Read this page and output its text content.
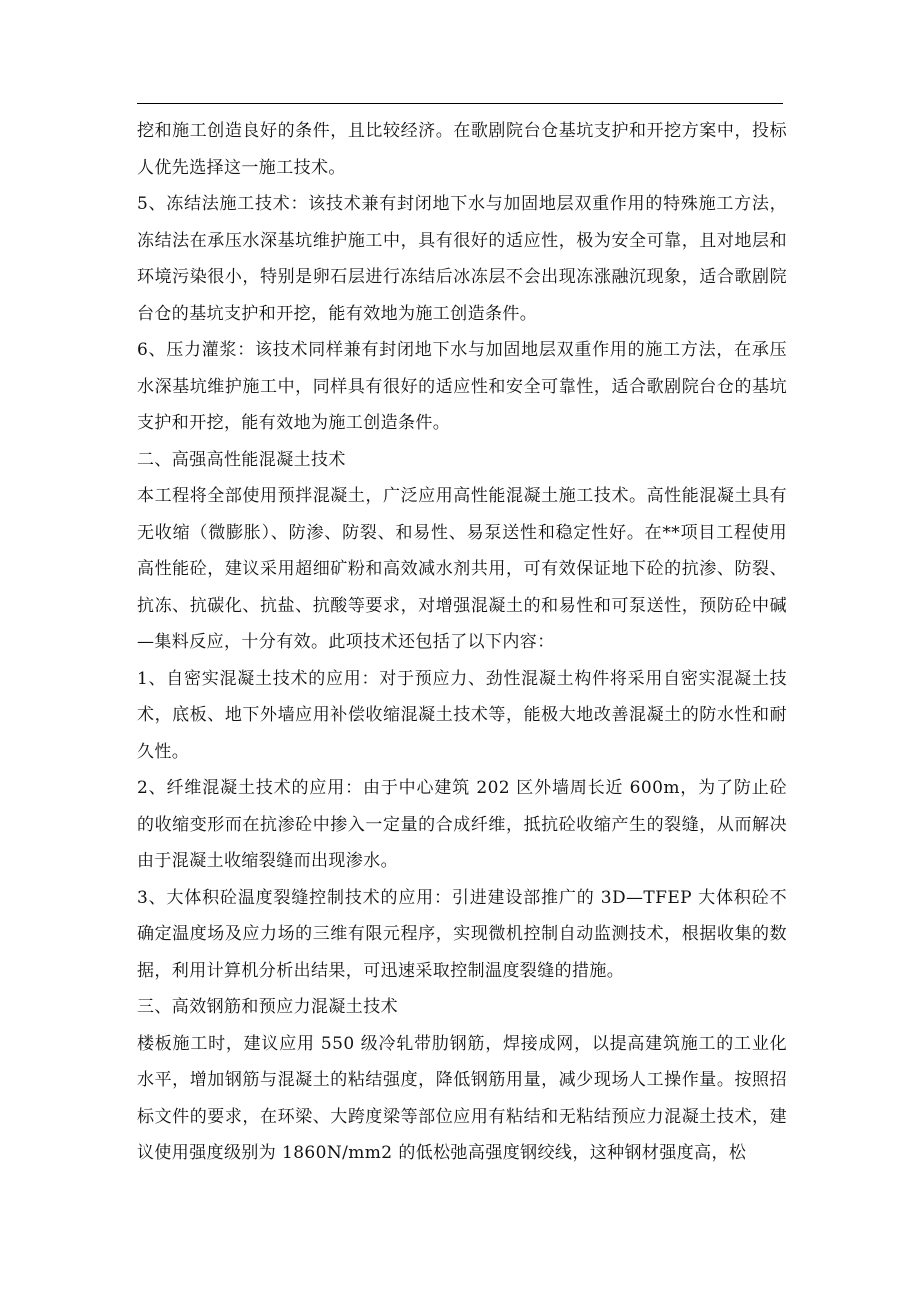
挖和施工创造良好的条件，且比较经济。在歌剧院台仓基坑支护和开挖方案中，投标人优先选择这一施工技术。

5、冻结法施工技术：该技术兼有封闭地下水与加固地层双重作用的特殊施工方法，冻结法在承压水深基坑维护施工中，具有很好的适应性，极为安全可靠，且对地层和环境污染很小，特别是卵石层进行冻结后冰冻层不会出现冻涨融沉现象，适合歌剧院台仓的基坑支护和开挖，能有效地为施工创造条件。

6、压力灌浆：该技术同样兼有封闭地下水与加固地层双重作用的施工方法，在承压水深基坑维护施工中，同样具有很好的适应性和安全可靠性，适合歌剧院台仓的基坑支护和开挖，能有效地为施工创造条件。

二、高强高性能混凝土技术

本工程将全部使用预拌混凝土，广泛应用高性能混凝土施工技术。高性能混凝土具有无收缩（微膨胀）、防渗、防裂、和易性、易泵送性和稳定性好。在**项目工程使用高性能砼，建议采用超细矿粉和高效减水剂共用，可有效保证地下砼的抗渗、防裂、抗冻、抗碳化、抗盐、抗酸等要求，对增强混凝土的和易性和可泵送性，预防砼中碱—集料反应，十分有效。此项技术还包括了以下内容：

1、自密实混凝土技术的应用：对于预应力、劲性混凝土构件将采用自密实混凝土技术，底板、地下外墙应用补偿收缩混凝土技术等，能极大地改善混凝土的防水性和耐久性。

2、纤维混凝土技术的应用：由于中心建筑 202 区外墙周长近 600m，为了防止砼的收缩变形而在抗渗砼中掺入一定量的合成纤维，抵抗砼收缩产生的裂缝，从而解决由于混凝土收缩裂缝而出现渗水。

3、大体积砼温度裂缝控制技术的应用：引进建设部推广的 3D—TFEP 大体积砼不确定温度场及应力场的三维有限元程序，实现微机控制自动监测技术，根据收集的数据，利用计算机分析出结果，可迅速采取控制温度裂缝的措施。

三、高效钢筋和预应力混凝土技术

楼板施工时，建议应用 550 级冷轧带肋钢筋，焊接成网，以提高建筑施工的工业化水平，增加钢筋与混凝土的粘结强度，降低钢筋用量，减少现场人工操作量。按照招标文件的要求，在环梁、大跨度梁等部位应用有粘结和无粘结预应力混凝土技术，建议使用强度级别为 1860N/mm2 的低松弛高强度钢绞线，这种钢材强度高，松
